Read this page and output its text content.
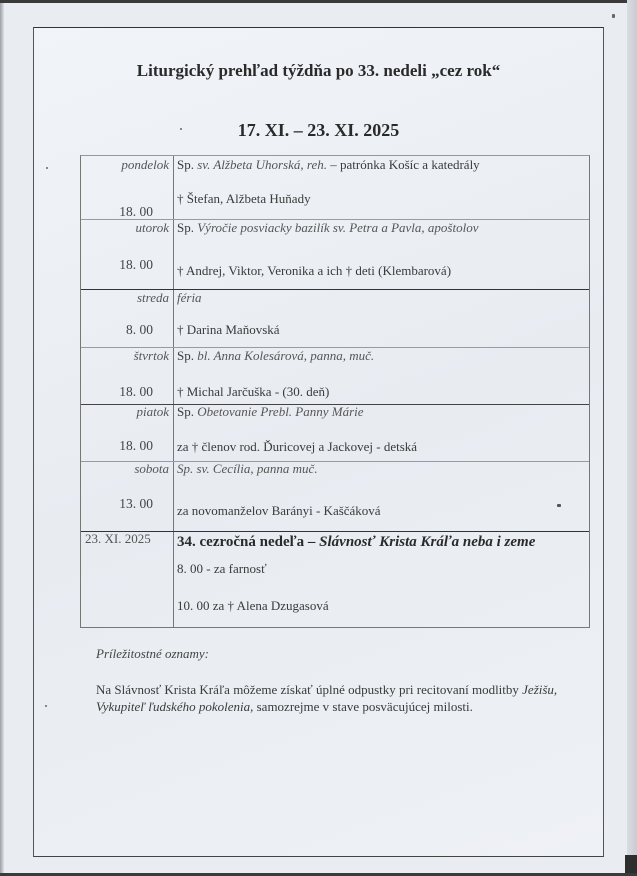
Liturgický prehľad týždňa po 33. nedeli „cez rok“
17. XI. – 23. XI. 2025
pondelok
18. 00
Sp. sv. Alžbeta Uhorská, reh. – patrónka Košíc a katedrály
† Štefan, Alžbeta Huňady
utorok
18. 00
Sp. Výročie posviacky bazilík sv. Petra a Pavla, apoštolov
† Andrej, Viktor, Veronika a ich † deti (Klembarová)
streda
8. 00
féria
† Darina Maňovská
štvrtok
18. 00
Sp. bl. Anna Kolesárová, panna, muč.
† Michal Jarčuška - (30. deň)
piatok
18. 00
Sp. Obetovanie Prebl. Panny Márie
za † členov rod. Ďuricovej a Jackovej - detská
sobota
13. 00
Sp. sv. Cecília, panna muč.
za novomanželov Barányi - Kaščáková
23. XI. 2025 34. cezročná nedeľa – Slávnosť Krista Kráľa neba i zeme
8. 00 - za farnosť
10. 00 za † Alena Dzugasová
Príležitostné oznamy:
Na Slávnosť Krista Kráľa môžeme získať úplné odpustky pri recitovaní modlitby Ježišu, Vykupiteľ ľudského pokolenia, samozrejme v stave posväcujúcej milosti.
